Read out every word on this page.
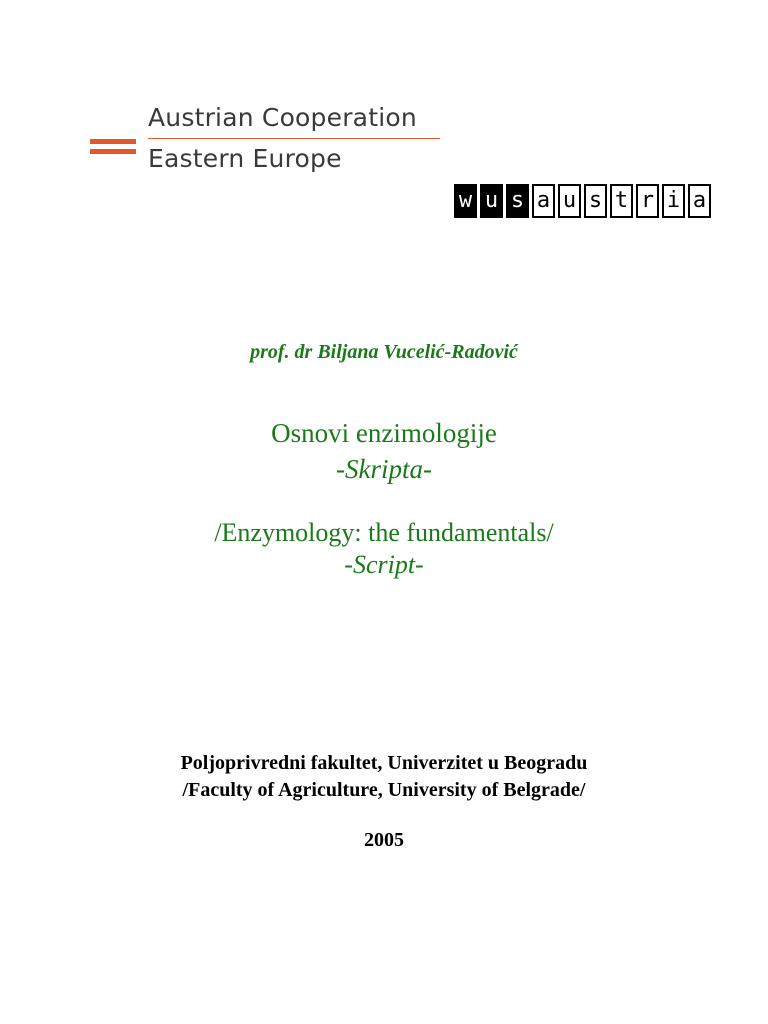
Austrian Cooperation
Eastern Europe
w u s a u s t r i a
prof. dr Biljana Vucelić-Radović
Osnovi enzimologije
-Skripta-
/Enzymology: the fundamentals/
-Script-
Poljoprivredni fakultet, Univerzitet u Beogradu
/Faculty of Agriculture, University of Belgrade/
2005
